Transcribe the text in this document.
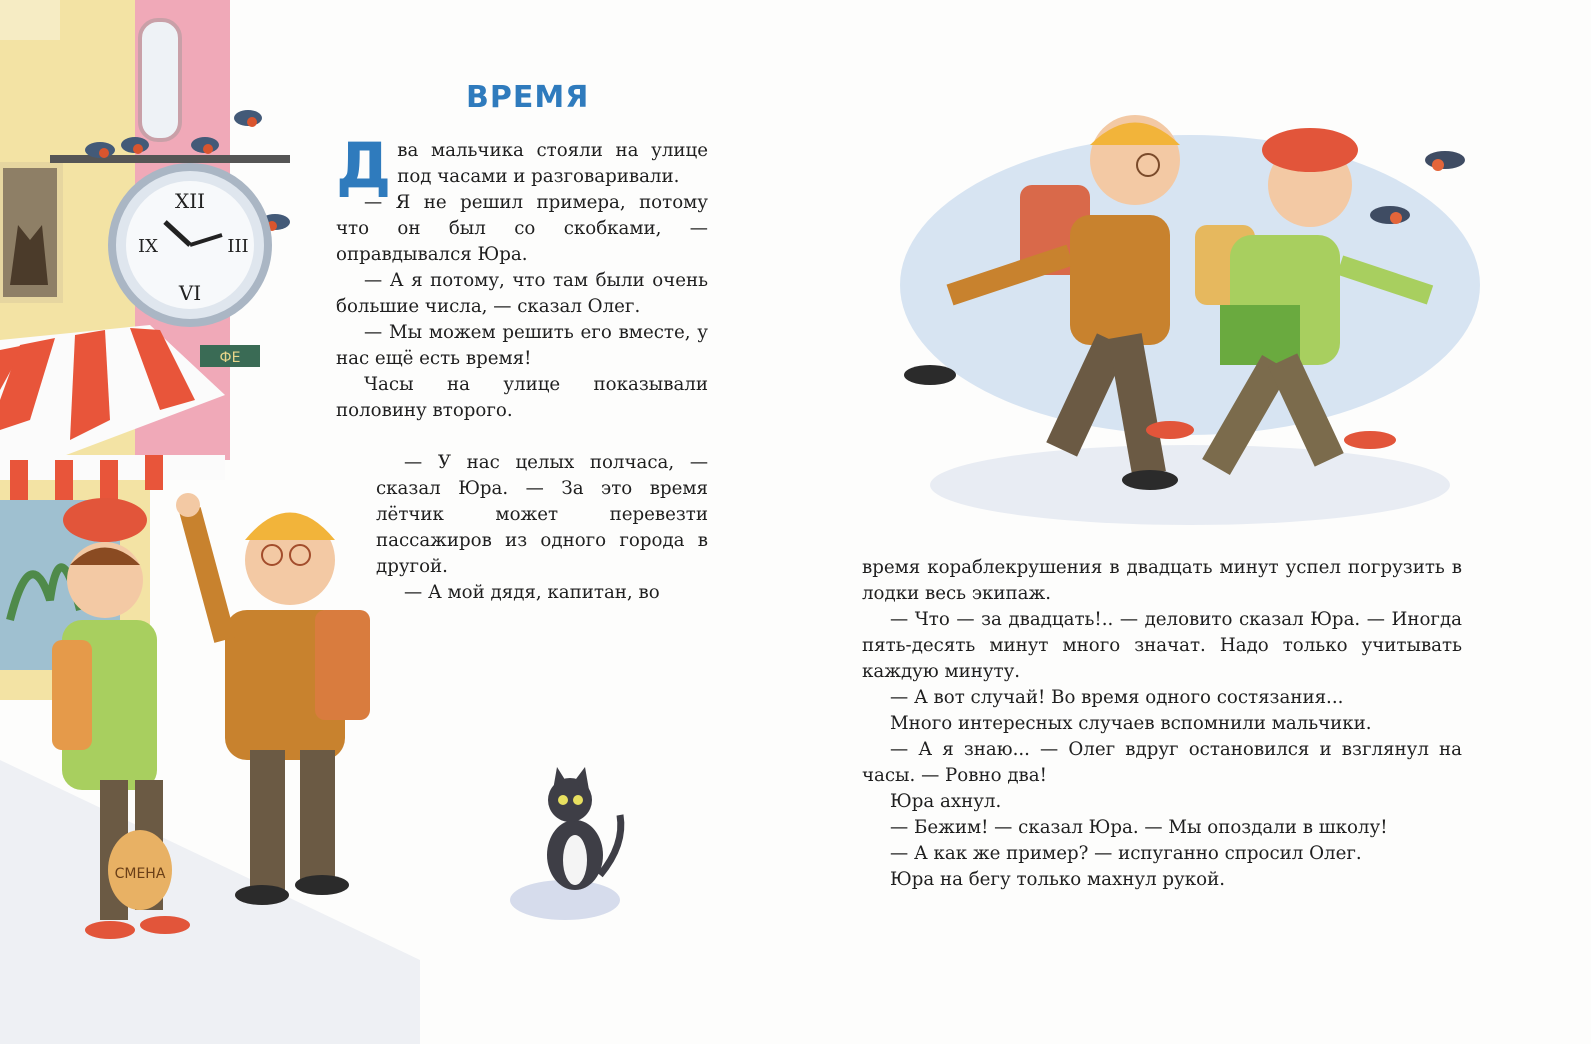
XII
III
VI
IX
ФЕ
СМЕНА
ВРЕМЯ

Два мальчика стояли на улице под часами и разговаривали.

— Я не решил примера, потому что он был со скобками, — оправдывался Юра.

— А я потому, что там были очень большие числа, — сказал Олег.

— Мы можем решить его вместе, у нас ещё есть время!

Часы на улице показывали половину второго.

— У нас целых полчаса, — сказал Юра. — За это время лётчик может перевезти пассажиров из одного города в другой.

— А мой дядя, капитан, во

время кораблекрушения в двадцать минут успел погрузить в лодки весь экипаж.

— Что — за двадцать!.. — деловито сказал Юра. — Иногда пять-десять минут много значат. Надо только учитывать каждую минуту.

— А вот случай! Во время одного состязания...

Много интересных случаев вспомнили мальчики.

— А я знаю... — Олег вдруг остановился и взглянул на часы. — Ровно два!

Юра ахнул.

— Бежим! — сказал Юра. — Мы опоздали в школу!

— А как же пример? — испуганно спросил Олег.

Юра на бегу только махнул рукой.
